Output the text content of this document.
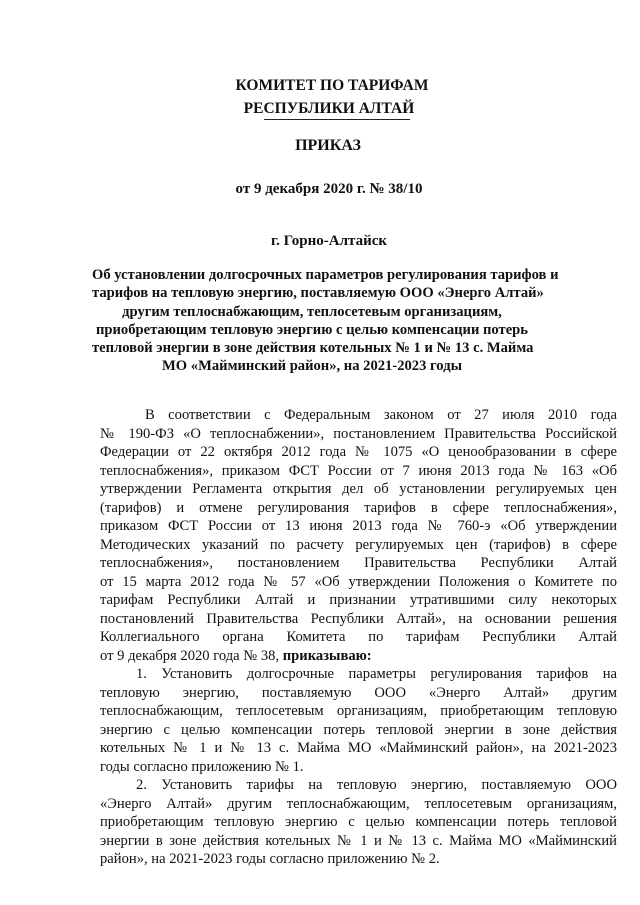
КОМИТЕТ ПО ТАРИФАМ
РЕСПУБЛИКИ АЛТАЙ
ПРИКАЗ
от 9 декабря 2020 г. № 38/10
г. Горно-Алтайск
Об установлении долгосрочных параметров регулирования тарифов и
тарифов на тепловую энергию, поставляемую ООО «Энерго Алтай»
другим теплоснабжающим, теплосетевым организациям,
приобретающим тепловую энергию с целью компенсации потерь
тепловой энергии в зоне действия котельных № 1 и № 13 с. Майма
МО «Майминский район», на 2021-2023 годы
В соответствии с Федеральным законом от 27 июля 2010 года
№ 190-ФЗ «О теплоснабжении», постановлением Правительства Российской
Федерации от 22 октября 2012 года № 1075 «О ценообразовании в сфере
теплоснабжения», приказом ФСТ России от 7 июня 2013 года № 163 «Об
утверждении Регламента открытия дел об установлении регулируемых цен
(тарифов) и отмене регулирования тарифов в сфере теплоснабжения»,
приказом ФСТ России от 13 июня 2013 года № 760-э «Об утверждении
Методических указаний по расчету регулируемых цен (тарифов) в сфере
теплоснабжения», постановлением Правительства Республики Алтай
от 15 марта 2012 года № 57 «Об утверждении Положения о Комитете по
тарифам Республики Алтай и признании утратившими силу некоторых
постановлений Правительства Республики Алтай», на основании решения
Коллегиального органа Комитета по тарифам Республики Алтай
от 9 декабря 2020 года № 38, приказываю:
1. Установить долгосрочные параметры регулирования тарифов на
тепловую энергию, поставляемую ООО «Энерго Алтай» другим
теплоснабжающим, теплосетевым организациям, приобретающим тепловую
энергию с целью компенсации потерь тепловой энергии в зоне действия
котельных № 1 и № 13 с. Майма МО «Майминский район», на 2021-2023
годы согласно приложению № 1.
2. Установить тарифы на тепловую энергию, поставляемую ООО
«Энерго Алтай» другим теплоснабжающим, теплосетевым организациям,
приобретающим тепловую энергию с целью компенсации потерь тепловой
энергии в зоне действия котельных № 1 и № 13 с. Майма МО «Майминский
район», на 2021-2023 годы согласно приложению № 2.
